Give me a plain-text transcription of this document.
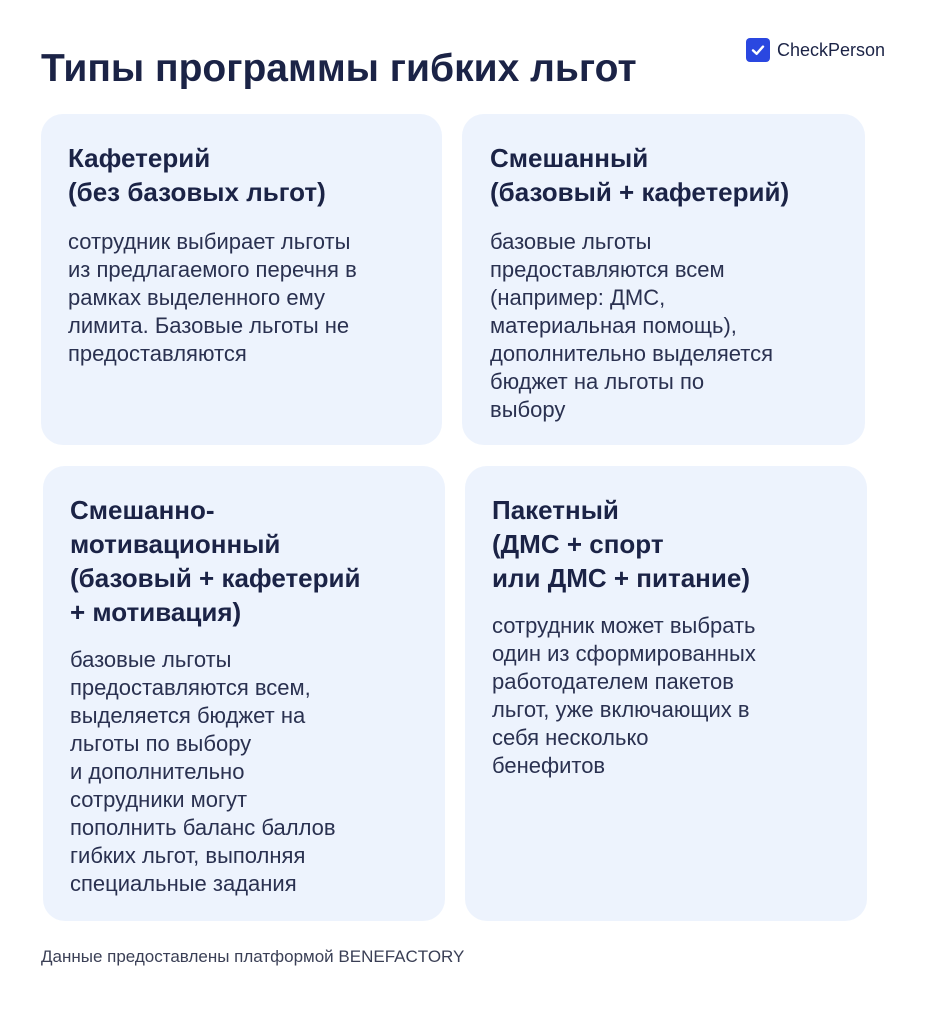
Типы программы гибких льгот	CheckPerson
Кафетерий
(без базовых льгот)

сотрудник выбирает льготы
из предлагаемого перечня в
рамках выделенного ему
лимита. Базовые льготы не
предоставляются

Смешанный
(базовый + кафетерий)

базовые льготы
предоставляются всем
(например: ДМС,
материальная помощь),
дополнительно выделяется
бюджет на льготы по
выбору

Смешанно-
мотивационный
(базовый + кафетерий
+ мотивация)

базовые льготы
предоставляются всем,
выделяется бюджет на
льготы по выбору
и дополнительно
сотрудники могут
пополнить баланс баллов
гибких льгот, выполняя
специальные задания

Пакетный
(ДМС + спорт
или ДМС + питание)

сотрудник может выбрать
один из сформированных
работодателем пакетов
льгот, уже включающих в
себя несколько
бенефитов

Данные предоставлены платформой BENEFACTORY
